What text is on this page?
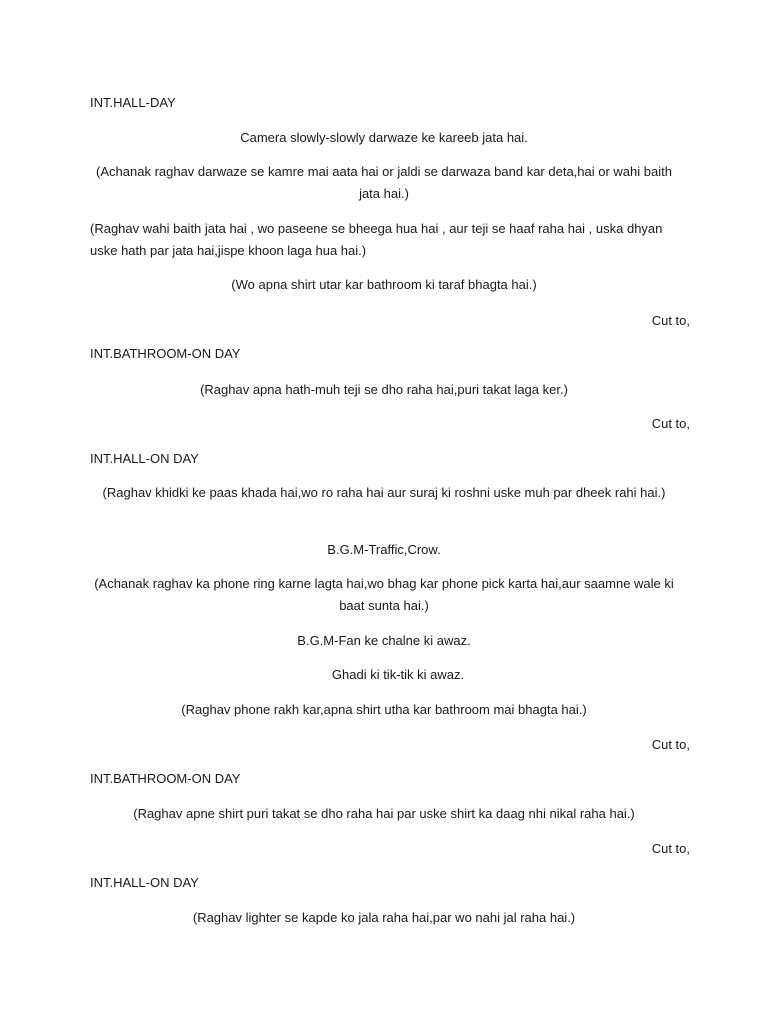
INT.HALL-DAY
Camera slowly-slowly darwaze ke kareeb jata hai.
(Achanak raghav darwaze se kamre mai aata hai or jaldi se darwaza band kar deta,hai or wahi baith jata hai.)
(Raghav wahi baith jata hai , wo paseene se bheega hua hai , aur teji se haaf raha hai , uska dhyan uske hath par jata hai,jispe khoon laga hua hai.)
(Wo apna shirt utar kar bathroom ki taraf bhagta hai.)
Cut to,
INT.BATHROOM-ON DAY
(Raghav apna hath-muh teji se dho raha hai,puri takat laga ker.)
Cut to,
INT.HALL-ON DAY
(Raghav khidki ke paas khada hai,wo ro raha hai aur suraj ki roshni uske muh par dheek rahi hai.)
B.G.M-Traffic,Crow.
(Achanak raghav ka phone ring karne lagta hai,wo bhag kar phone pick karta hai,aur saamne wale ki baat sunta hai.)
B.G.M-Fan ke chalne ki awaz.
Ghadi ki tik-tik ki awaz.
(Raghav phone rakh kar,apna shirt utha kar bathroom mai bhagta hai.)
Cut to,
INT.BATHROOM-ON DAY
(Raghav apne shirt puri takat se dho raha hai par uske shirt ka daag nhi nikal raha hai.)
Cut to,
INT.HALL-ON DAY
(Raghav lighter se kapde ko jala raha hai,par wo nahi jal raha hai.)
